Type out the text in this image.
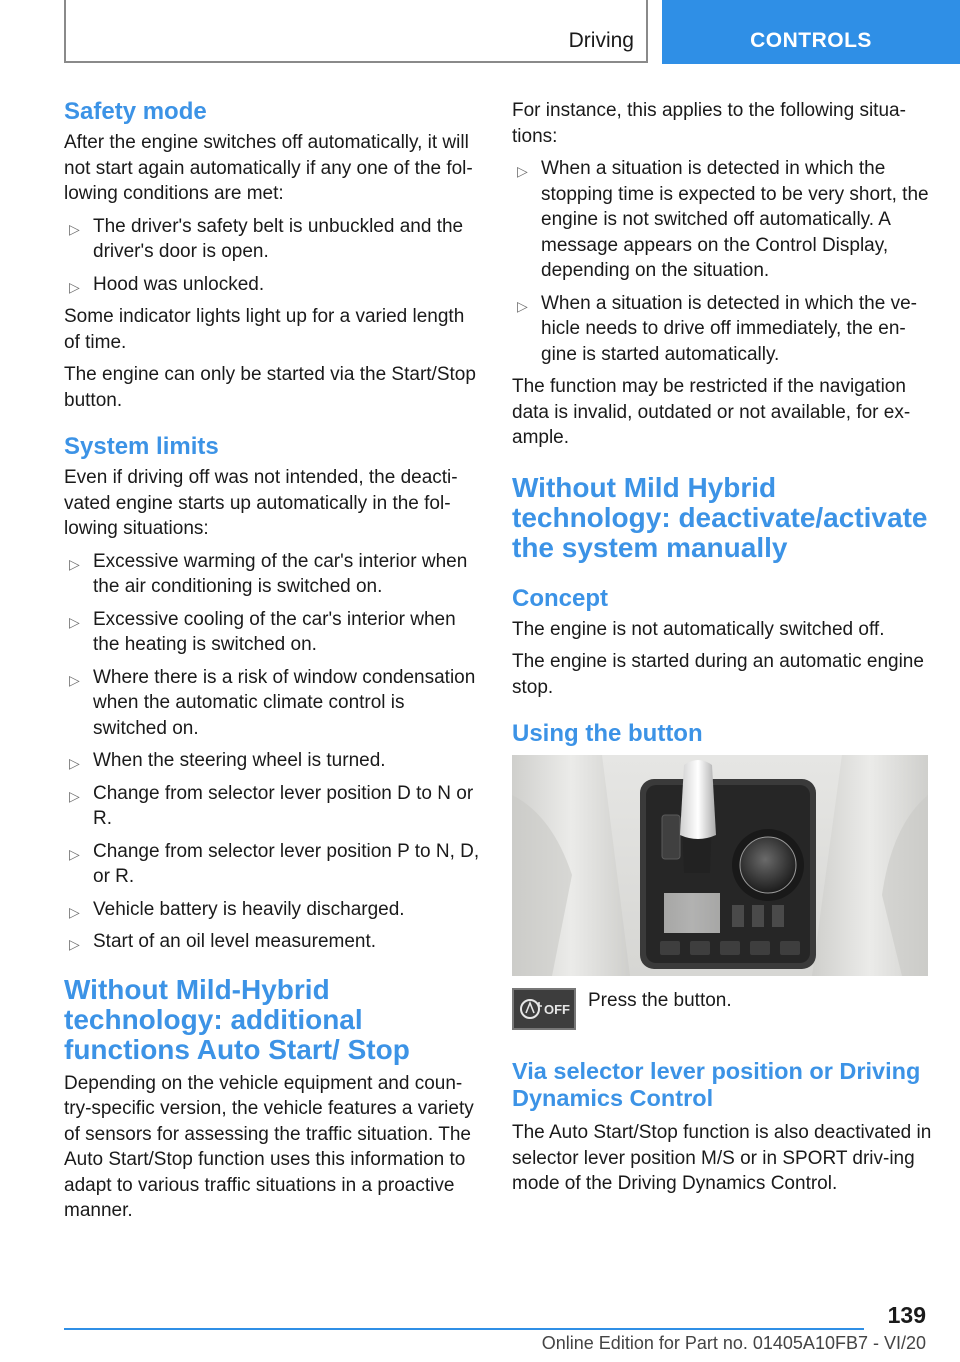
Driving	CONTROLS
Safety mode

After the engine switches off automatically, it will not start again automatically if any one of the fol-lowing conditions are met:

▷ The driver's safety belt is unbuckled and the driver's door is open.
▷ Hood was unlocked.

Some indicator lights light up for a varied length of time.

The engine can only be started via the Start/Stop button.

System limits

Even if driving off was not intended, the deacti-vated engine starts up automatically in the fol-lowing situations:

▷ Excessive warming of the car's interior when the air conditioning is switched on.
▷ Excessive cooling of the car's interior when the heating is switched on.
▷ Where there is a risk of window condensation when the automatic climate control is switched on.
▷ When the steering wheel is turned.
▷ Change from selector lever position D to N or R.
▷ Change from selector lever position P to N, D, or R.
▷ Vehicle battery is heavily discharged.
▷ Start of an oil level measurement.
Without Mild-Hybrid technology: additional functions Auto Start/ Stop

Depending on the vehicle equipment and coun-try-specific version, the vehicle features a variety of sensors for assessing the traffic situation. The Auto Start/Stop function uses this information to adapt to various traffic situations in a proactive manner.

For instance, this applies to the following situa-tions:

▷ When a situation is detected in which the stopping time is expected to be very short, the engine is not switched off automatically. A message appears on the Control Display, depending on the situation.
▷ When a situation is detected in which the ve-hicle needs to drive off immediately, the en-gine is started automatically.

The function may be restricted if the navigation data is invalid, outdated or not available, for ex-ample.

Without Mild Hybrid technology: deactivate/activate the system manually
Concept

The engine is not automatically switched off.

The engine is started during an automatic engine stop.

Using the button
OFF Press the button.

Via selector lever position or Driving Dynamics Control

The Auto Start/Stop function is also deactivated in selector lever position M/S or in SPORT driv-ing mode of the Driving Dynamics Control.

139
Online Edition for Part no. 01405A10FB7 - VI/20
